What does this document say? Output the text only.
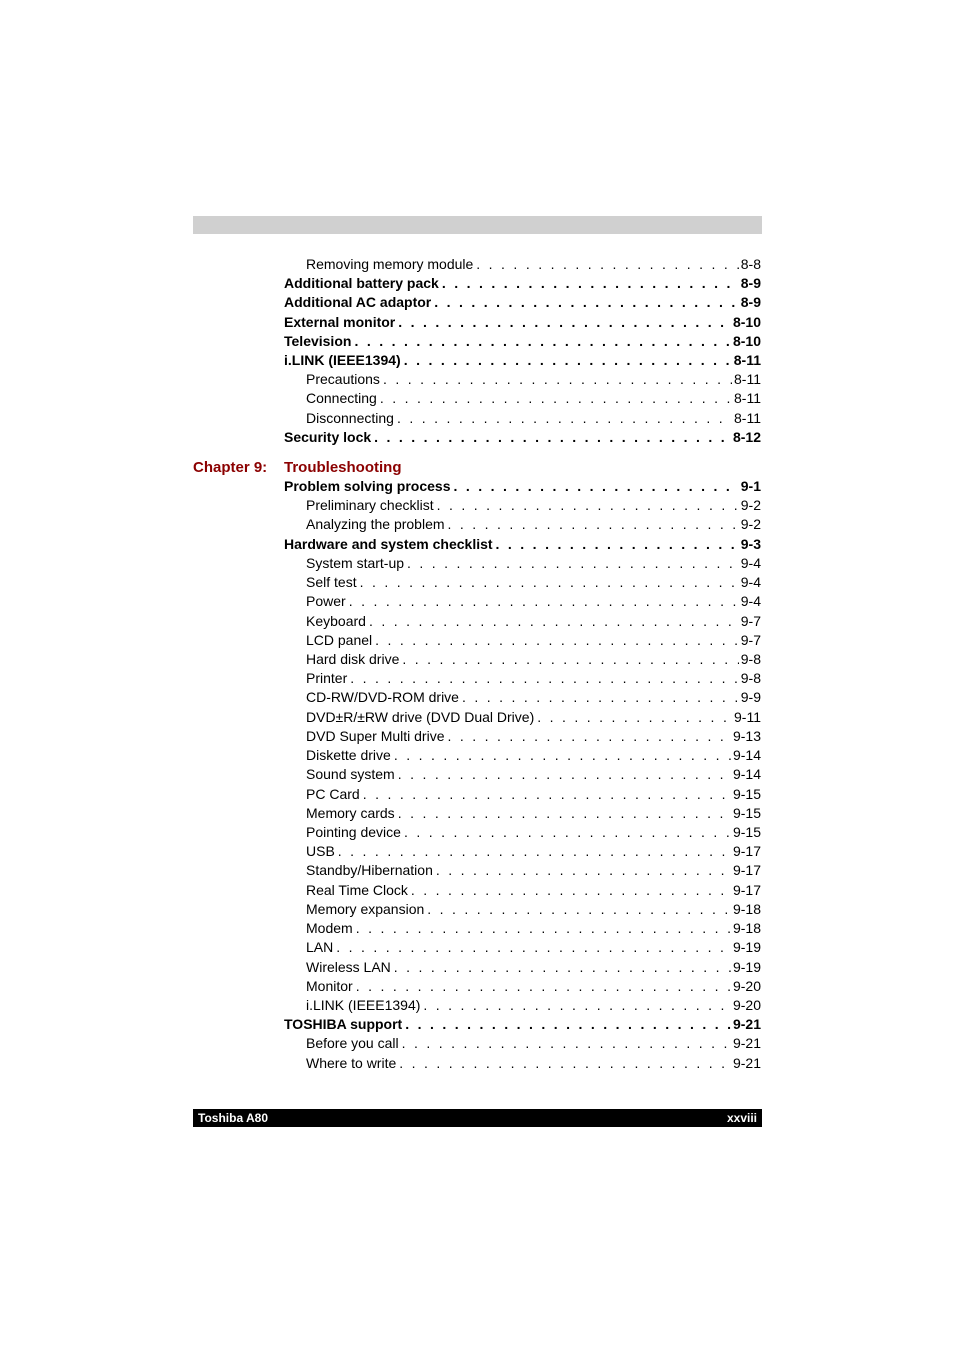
Removing memory module . . .	8-8
Additional battery pack . . .	8-9
Additional AC adaptor . . .	8-9
External monitor . . .	8-10
Television . . .	8-10
i.LINK (IEEE1394) . . .	8-11
Precautions . . .	8-11
Connecting . . .	8-11
Disconnecting . . .	8-11
Security lock . . .	8-12
Chapter 9: Troubleshooting
Problem solving process . . .	9-1
Preliminary checklist . . .	9-2
Analyzing the problem . . .	9-2
Hardware and system checklist . . .	9-3
System start-up . . .	9-4
Self test . . .	9-4
Power . . .	9-4
Keyboard . . .	9-7
LCD panel . . .	9-7
Hard disk drive . . .	9-8
Printer . . .	9-8
CD-RW/DVD-ROM drive . . .	9-9
DVD±R/±RW drive (DVD Dual Drive) . . .	9-11
DVD Super Multi drive . . .	9-13
Diskette drive . . .	9-14
Sound system . . .	9-14
PC Card . . .	9-15
Memory cards . . .	9-15
Pointing device . . .	9-15
USB . . .	9-17
Standby/Hibernation . . .	9-17
Real Time Clock . . .	9-17
Memory expansion . . .	9-18
Modem . . .	9-18
LAN . . .	9-19
Wireless LAN . . .	9-19
Monitor . . .	9-20
i.LINK (IEEE1394) . . .	9-20
TOSHIBA support . . .	9-21
Before you call . . .	9-21
Where to write . . .	9-21
Toshiba A80	xxviii
